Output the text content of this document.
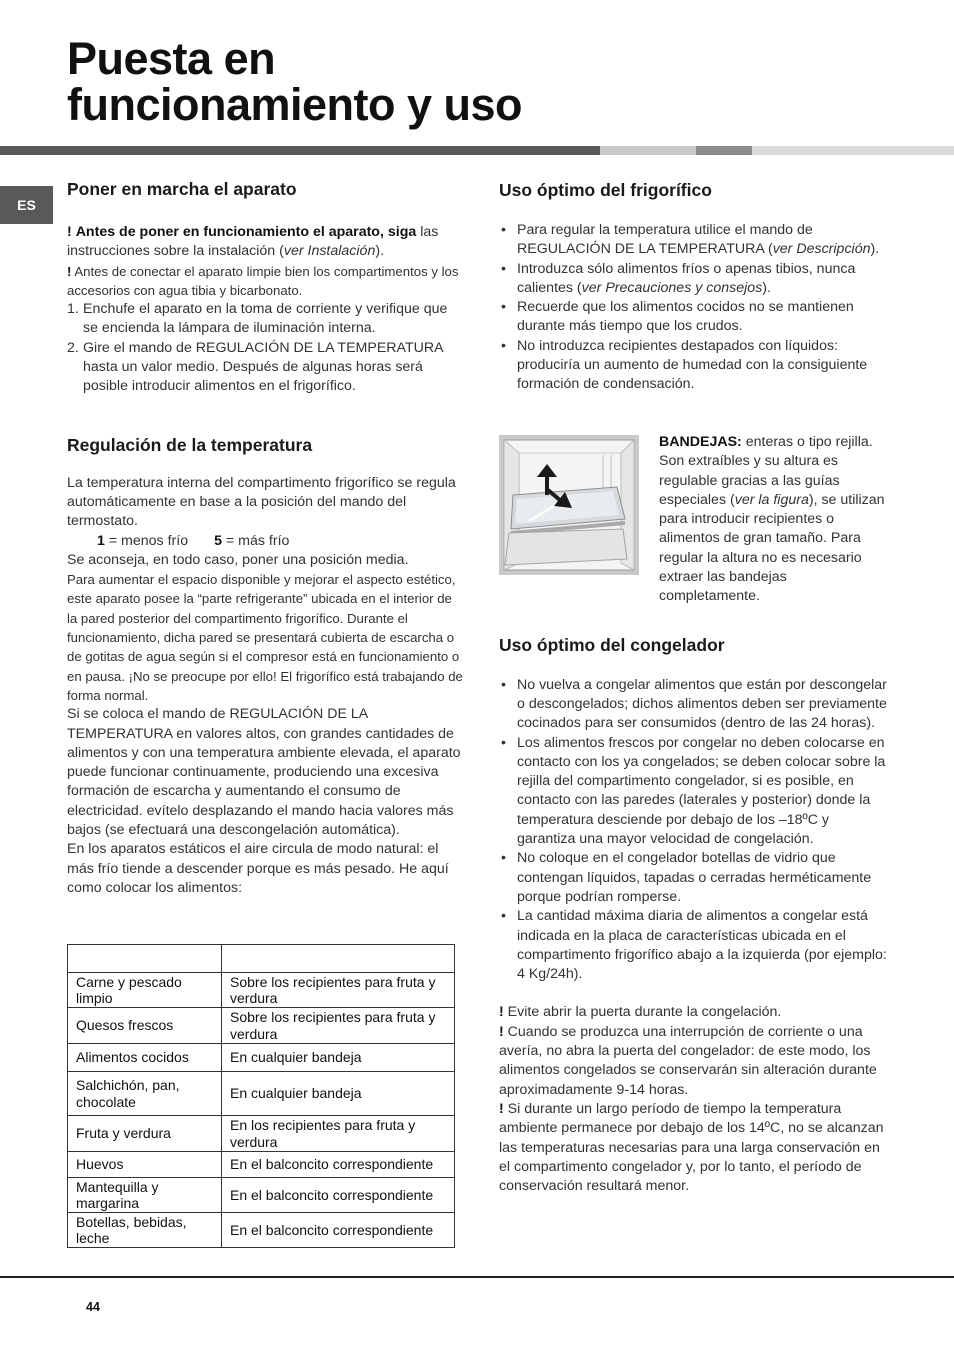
Puesta en
funcionamiento y uso
ES
Poner en marcha el aparato

! Antes de poner en funcionamiento el aparato, siga las instrucciones sobre la instalación (ver Instalación).

! Antes de conectar el aparato limpie bien los compartimentos y los accesorios con agua tibia y bicarbonato.

1. Enchufe el aparato en la toma de corriente y verifique que se encienda la lámpara de iluminación interna.
2. Gire el mando de REGULACIÓN DE LA TEMPERATURA hasta un valor medio. Después de algunas horas será posible introducir alimentos en el frigorífico.
Regulación de la temperatura

La temperatura interna del compartimento frigorífico se regula automáticamente en base a la posición del mando del termostato.

1 = menos frío 5 = más frío

Se aconseja, en todo caso, poner una posición media.

Para aumentar el espacio disponible y mejorar el aspecto estético, este aparato posee la “parte refrigerante” ubicada en el interior de la pared posterior del compartimento frigorífico. Durante el funcionamiento, dicha pared se presentará cubierta de escarcha o de gotitas de agua según si el compresor está en funcionamiento o en pausa. ¡No se preocupe por ello! El frigorífico está trabajando de forma normal.

Si se coloca el mando de REGULACIÓN DE LA TEMPERATURA en valores altos, con grandes cantidades de alimentos y con una temperatura ambiente elevada, el aparato puede funcionar continuamente, produciendo una excesiva formación de escarcha y aumentando el consumo de electricidad. evítelo desplazando el mando hacia valores más bajos (se efectuará una descongelación automática).

En los aparatos estáticos el aire circula de modo natural: el más frío tiende a descender porque es más pesado. He aquí como colocar los alimentos:

Carne y pescado limpio	Sobre los recipientes para fruta y verdura
Quesos frescos	Sobre los recipientes para fruta y verdura
Alimentos cocidos	En cualquier bandeja
Salchichón, pan, chocolate	En cualquier bandeja
Fruta y verdura	En los recipientes para fruta y verdura
Huevos	En el balconcito correspondiente
Mantequilla y margarina	En el balconcito correspondiente
Botellas, bebidas, leche	En el balconcito correspondiente
Uso óptimo del frigorífico
• Para regular la temperatura utilice el mando de REGULACIÓN DE LA TEMPERATURA (ver Descripción).
• Introduzca sólo alimentos fríos o apenas tibios, nunca calientes (ver Precauciones y consejos).
• Recuerde que los alimentos cocidos no se mantienen durante más tiempo que los crudos.
• No introduzca recipientes destapados con líquidos: produciría un aumento de humedad con la consiguiente formación de condensación.
Uso óptimo del congelador
• No vuelva a congelar alimentos que están por descongelar o descongelados; dichos alimentos deben ser previamente cocinados para ser consumidos (dentro de las 24 horas).
• Los alimentos frescos por congelar no deben colocarse en contacto con los ya congelados; se deben colocar sobre la rejilla del compartimento congelador, si es posible, en contacto con las paredes (laterales y posterior) donde la temperatura desciende por debajo de los –18ºC y garantiza una mayor velocidad de congelación.
• No coloque en el congelador botellas de vidrio que contengan líquidos, tapadas o cerradas herméticamente porque podrían romperse.
• La cantidad máxima diaria de alimentos a congelar está indicada en la placa de características ubicada en el compartimento frigorífico abajo a la izquierda (por ejemplo: 4 Kg/24h).

! Evite abrir la puerta durante la congelación.

! Cuando se produzca una interrupción de corriente o una avería, no abra la puerta del congelador: de este modo, los alimentos congelados se conservarán sin alteración durante aproximadamente 9-14 horas.

! Si durante un largo período de tiempo la temperatura ambiente permanece por debajo de los 14ºC, no se alcanzan las temperaturas necesarias para una larga conservación en el compartimento congelador y, por lo tanto, el período de conservación resultará menor.

BANDEJAS: enteras o tipo rejilla. Son extraíbles y su altura es regulable gracias a las guías especiales (ver la figura), se utilizan para introducir recipientes o alimentos de gran tamaño. Para regular la altura no es necesario extraer las bandejas completamente.

44
